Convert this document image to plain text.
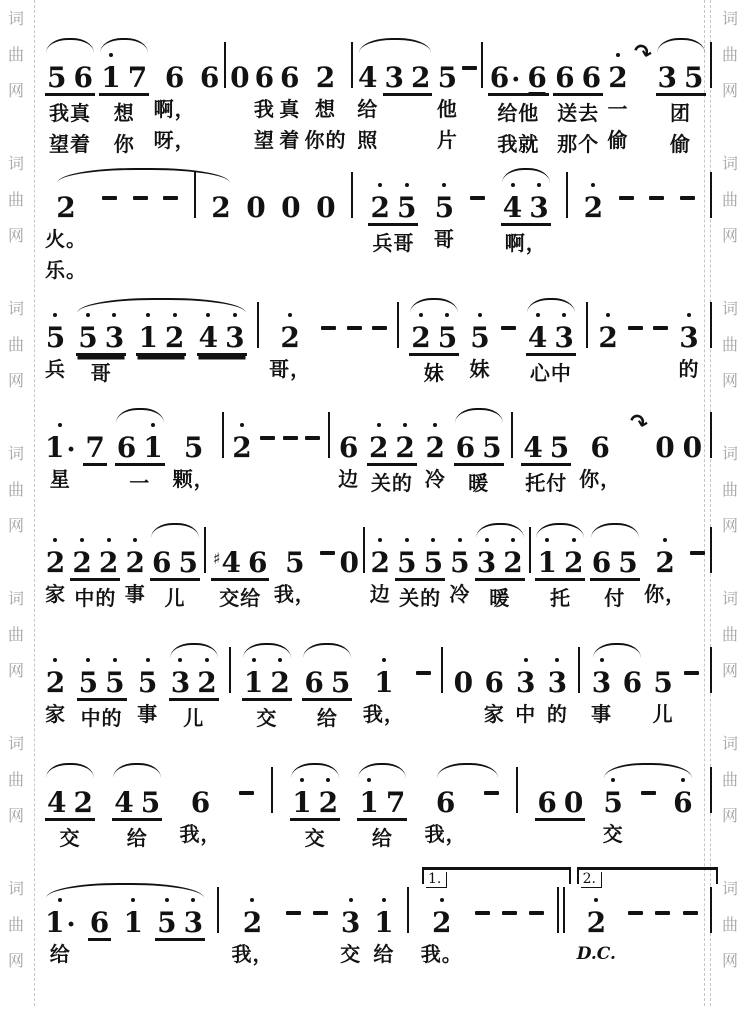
词
曲
网
词
曲
网
词
曲
网
词
曲
网
词
曲
网
词
曲
网
词
曲
网
词
曲
网
词
曲
网
词
曲
网
词
曲
网
词
曲
网
词
曲
网
词
曲
网
5 6
我真
望着
1 7
想
你
6
啊，
呀，
6 0 6
我
望
6
真
着
2
想
你的
4
给
照
3 2 5
他
片
6 · 6
给他
我就
6 6
送去
那个
2
一
偷
↷
3 5
团
偷
2
火。
乐。
2 0 0 0 2 5
兵哥
5
哥
4 3
啊，
2
5
兵
5 3
哥
1 2 4 3 2
哥，
2 5
妹
5
妹
4 3
心中
2 3
的
1 ·
星
7 6 1
一
5
颗，
2	6
边
2 2
关的
2
冷
6 5
暖
4 5
托付
6
你，
↷
0 0
2
家
2 2
中的
2
事
6 5
儿
♯ 4 6
交给
5
我，
0 2
边
5 5
关的
5
冷
3 2
暖
1 2
托
6 5
付
2
你，
2
家
5 5
中的
5
事
3 2
儿
1 2
交
6 5
给
1
我，
0 6
家
3
中
3
的
3
事
6 5
儿
4 2
交
4 5
给
6
我，
1 2
交
1 7
给
6
我，
6 0 5
交
6
1 ·
给
6 1 5 3 2
我，
3
交
1
给
2
我。
2
D.C.
1.	2.
